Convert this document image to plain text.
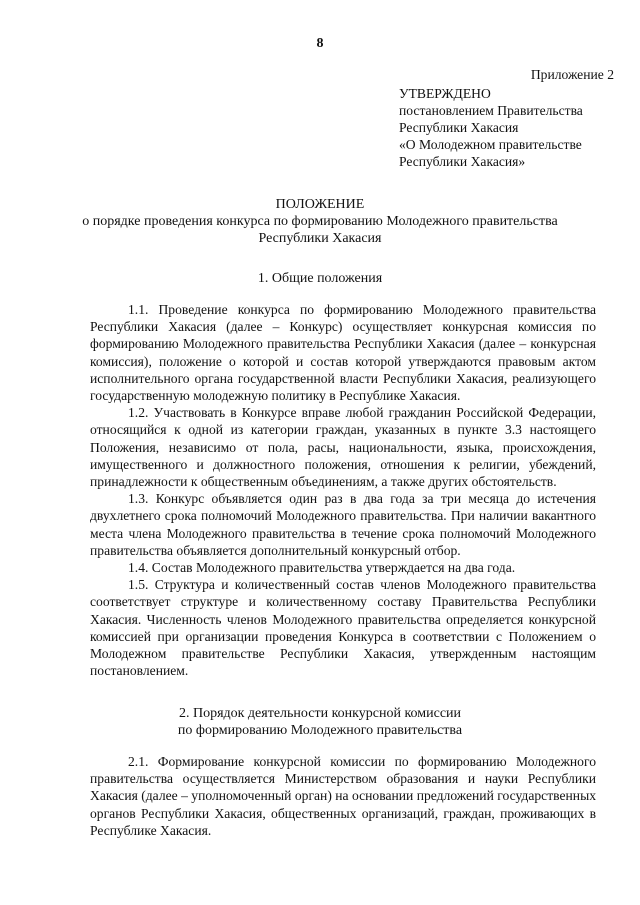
8
Приложение 2
УТВЕРЖДЕНО
постановлением Правительства
Республики Хакасия
«О Молодежном правительстве
Республики Хакасия»
ПОЛОЖЕНИЕ
о порядке проведения конкурса по формированию Молодежного правительства
Республики Хакасия
1. Общие положения

1.1. Проведение конкурса по формированию Молодежного правительства Республики Хакасия (далее – Конкурс) осуществляет конкурсная комиссия по формированию Молодежного правительства Республики Хакасия (далее – конкурсная комиссия), положение о которой и состав которой утверждаются правовым актом исполнительного органа государственной власти Республики Хакасия, реализующего государственную молодежную политику в Республике Хакасия.

1.2. Участвовать в Конкурсе вправе любой гражданин Российской Федерации, относящийся к одной из категории граждан, указанных в пункте 3.3 настоящего Положения, независимо от пола, расы, национальности, языка, происхождения, имущественного и должностного положения, отношения к религии, убеждений, принадлежности к общественным объединениям, а также других обстоятельств.

1.3. Конкурс объявляется один раз в два года за три месяца до истечения двухлетнего срока полномочий Молодежного правительства. При наличии вакантного места члена Молодежного правительства в течение срока полномочий Молодежного правительства объявляется дополнительный конкурсный отбор.

1.4. Состав Молодежного правительства утверждается на два года.

1.5. Структура и количественный состав членов Молодежного правительства соответствует структуре и количественному составу Правительства Республики Хакасия. Численность членов Молодежного правительства определяется конкурсной комиссией при организации проведения Конкурса в соответствии с Положением о Молодежном правительстве Республики Хакасия, утвержденным настоящим постановлением.

2. Порядок деятельности конкурсной комиссии
по формированию Молодежного правительства

2.1. Формирование конкурсной комиссии по формированию Молодежного правительства осуществляется Министерством образования и науки Республики Хакасия (далее – уполномоченный орган) на основании предложений государственных органов Республики Хакасия, общественных организаций, граждан, проживающих в Республике Хакасия.
